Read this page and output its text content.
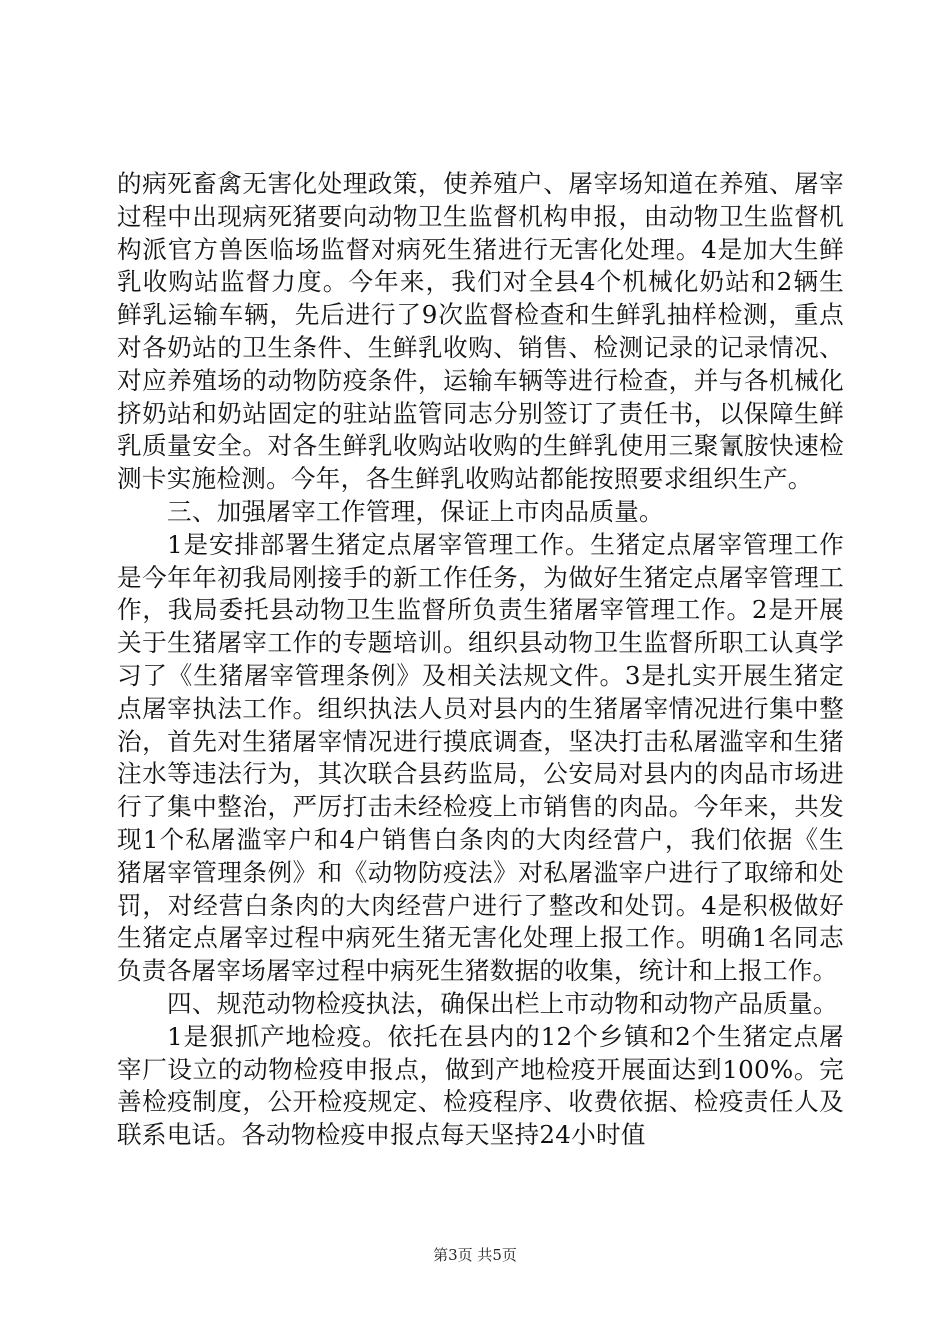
的病死畜禽无害化处理政策，使养殖户、屠宰场知道在养殖、屠宰过程中出现病死猪要向动物卫生监督机构申报，由动物卫生监督机构派官方兽医临场监督对病死生猪进行无害化处理。4是加大生鲜乳收购站监督力度。今年来，我们对全县4个机械化奶站和2辆生鲜乳运输车辆，先后进行了9次监督检查和生鲜乳抽样检测，重点对各奶站的卫生条件、生鲜乳收购、销售、检测记录的记录情况、对应养殖场的动物防疫条件，运输车辆等进行检查，并与各机械化挤奶站和奶站固定的驻站监管同志分别签订了责任书，以保障生鲜乳质量安全。对各生鲜乳收购站收购的生鲜乳使用三聚氰胺快速检测卡实施检测。今年，各生鲜乳收购站都能按照要求组织生产。

三、加强屠宰工作管理，保证上市肉品质量。

1是安排部署生猪定点屠宰管理工作。生猪定点屠宰管理工作是今年年初我局刚接手的新工作任务，为做好生猪定点屠宰管理工作，我局委托县动物卫生监督所负责生猪屠宰管理工作。2是开展关于生猪屠宰工作的专题培训。组织县动物卫生监督所职工认真学习了《生猪屠宰管理条例》及相关法规文件。3是扎实开展生猪定点屠宰执法工作。组织执法人员对县内的生猪屠宰情况进行集中整治，首先对生猪屠宰情况进行摸底调查，坚决打击私屠滥宰和生猪注水等违法行为，其次联合县药监局，公安局对县内的肉品市场进行了集中整治，严厉打击未经检疫上市销售的肉品。今年来，共发现1个私屠滥宰户和4户销售白条肉的大肉经营户，我们依据《生猪屠宰管理条例》和《动物防疫法》对私屠滥宰户进行了取缔和处罚，对经营白条肉的大肉经营户进行了整改和处罚。4是积极做好生猪定点屠宰过程中病死生猪无害化处理上报工作。明确1名同志负责各屠宰场屠宰过程中病死生猪数据的收集，统计和上报工作。

四、规范动物检疫执法，确保出栏上市动物和动物产品质量。

1是狠抓产地检疫。依托在县内的12个乡镇和2个生猪定点屠宰厂设立的动物检疫申报点，做到产地检疫开展面达到100%。完善检疫制度，公开检疫规定、检疫程序、收费依据、检疫责任人及联系电话。各动物检疫申报点每天坚持24小时值

第3页 共5页
